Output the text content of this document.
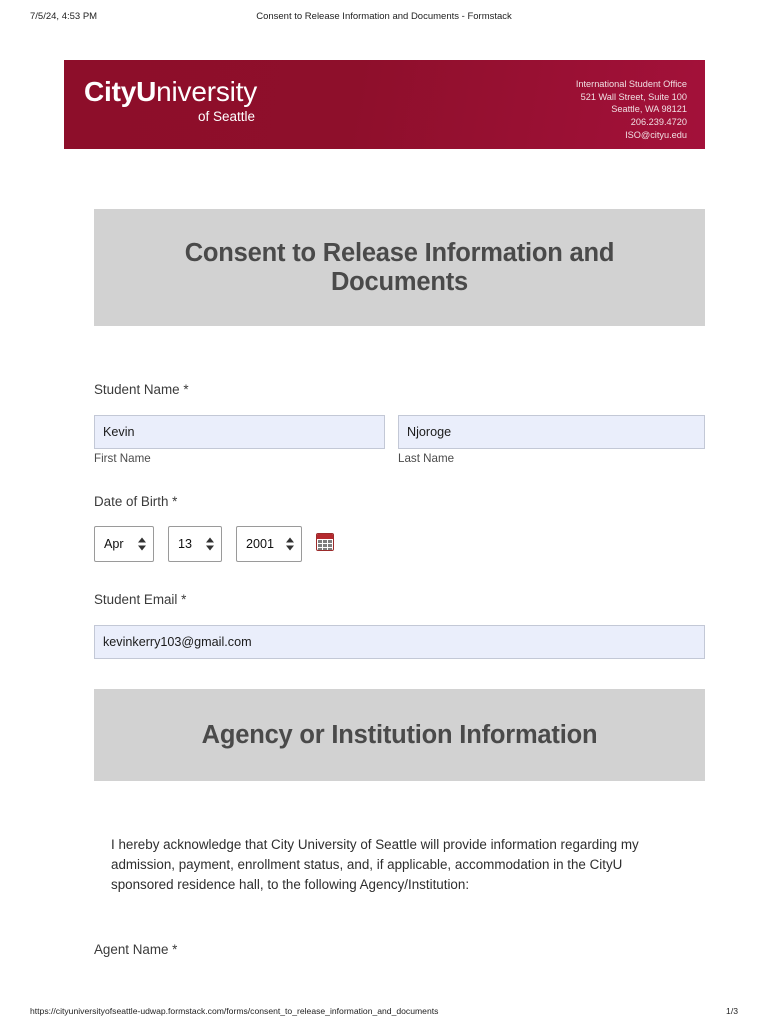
7/5/24, 4:53 PM	Consent to Release Information and Documents - Formstack
CityUniversity
of Seattle
International Student Office
521 Wall Street, Suite 100
Seattle, WA 98121
206.239.4720
ISO@cityu.edu
Consent to Release Information and Documents
Student Name *
Kevin
Njoroge
First Name	Last Name
Date of Birth *
Apr	13	2001
Student Email *
kevinkerry103@gmail.com
Agency or Institution Information
I hereby acknowledge that City University of Seattle will provide information regarding my admission, payment, enrollment status, and, if applicable, accommodation in the CityU sponsored residence hall, to the following Agency/Institution:
Agent Name *
https://cityuniversityofseattle-udwap.formstack.com/forms/consent_to_release_information_and_documents	1/3
